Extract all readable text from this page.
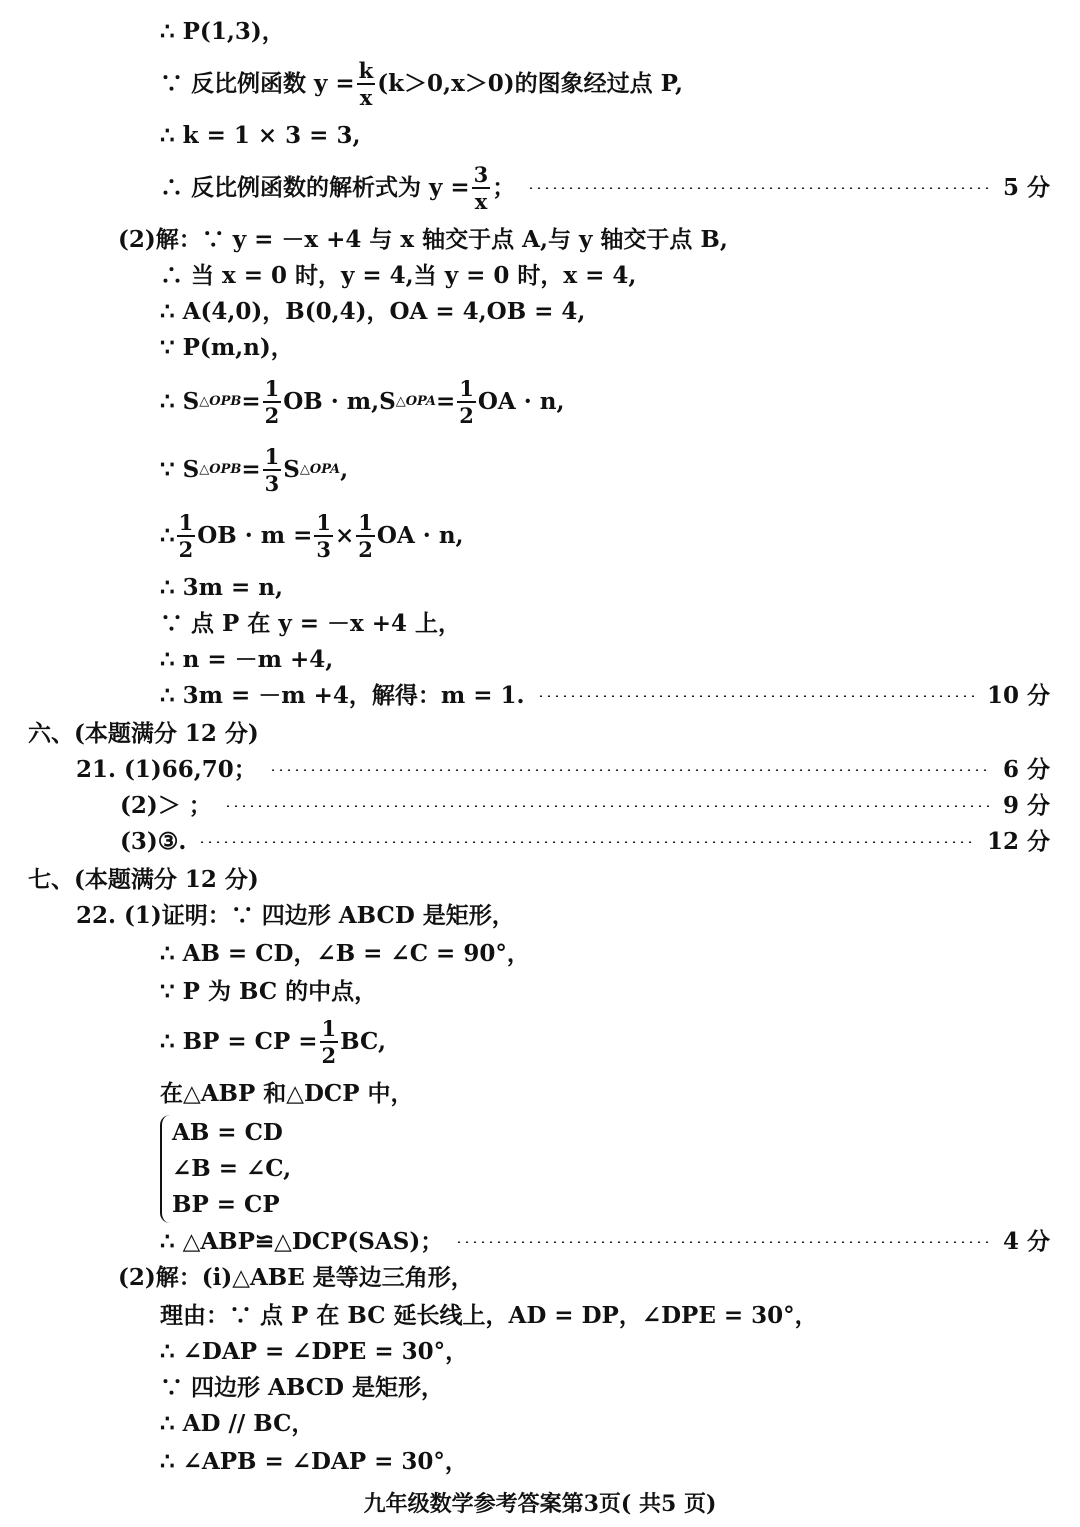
∴ P(1,3)，
∵ 反比例函数 $y = \frac{k}{x} (k>0,x>0)$的图象经过点 P,
∴ k = 1 × 3 = 3,
∴ 反比例函数的解析式为 $y = \frac{3}{x}$ ；	5 分
(2)解：∵ y = －x +4 与 x 轴交于点 A,与 y 轴交于点 B,
∴ 当 x = 0 时，y = 4,当 y = 0 时，x = 4,
∴ A(4,0)，B(0,4)，OA = 4,OB = 4,
∵ P(m,n)，
∴ S △OPB = $\frac{1}{2}$ OB · m,S △OPA = $\frac{1}{2}$ OA · n,
∵ S △OPB = $\frac{1}{3}$ S △OPA ,
∴ $\frac{1}{2}$ OB · $m = \frac{1}{3} \times \frac{1}{2}$ OA · n,
∴ 3m = n,
∵ 点 P 在 y = －x +4 上，
∴ n = －m +4,
∴ 3m = －m +4，解得：m = 1.	10 分
六、(本题满分 12 分)
21. (1)66,70；	6 分
(2)＞ ；	9 分
(3)③.	12 分
七、(本题满分 12 分)
22. (1)证明：∵ 四边形 ABCD 是矩形，
∴ AB = CD，∠B = ∠C = 90°，
∵ P 为 BC 的中点，
∴ BP = CP = $\frac{1}{2}$ BC,
在△ABP 和△DCP 中，
AB = CD
∠B = ∠C,
BP = CP
∴ △ABP≌△DCP(SAS)；	4 分
(2)解：(i)△ABE 是等边三角形，
理由：∵ 点 P 在 BC 延长线上，AD = DP，∠DPE = 30°，
∴ ∠DAP = ∠DPE = 30°，
∵ 四边形 ABCD 是矩形，
∴ AD // BC，
∴ ∠APB = ∠DAP = 30°，
九年级数学参考答案第3页( 共5 页)
